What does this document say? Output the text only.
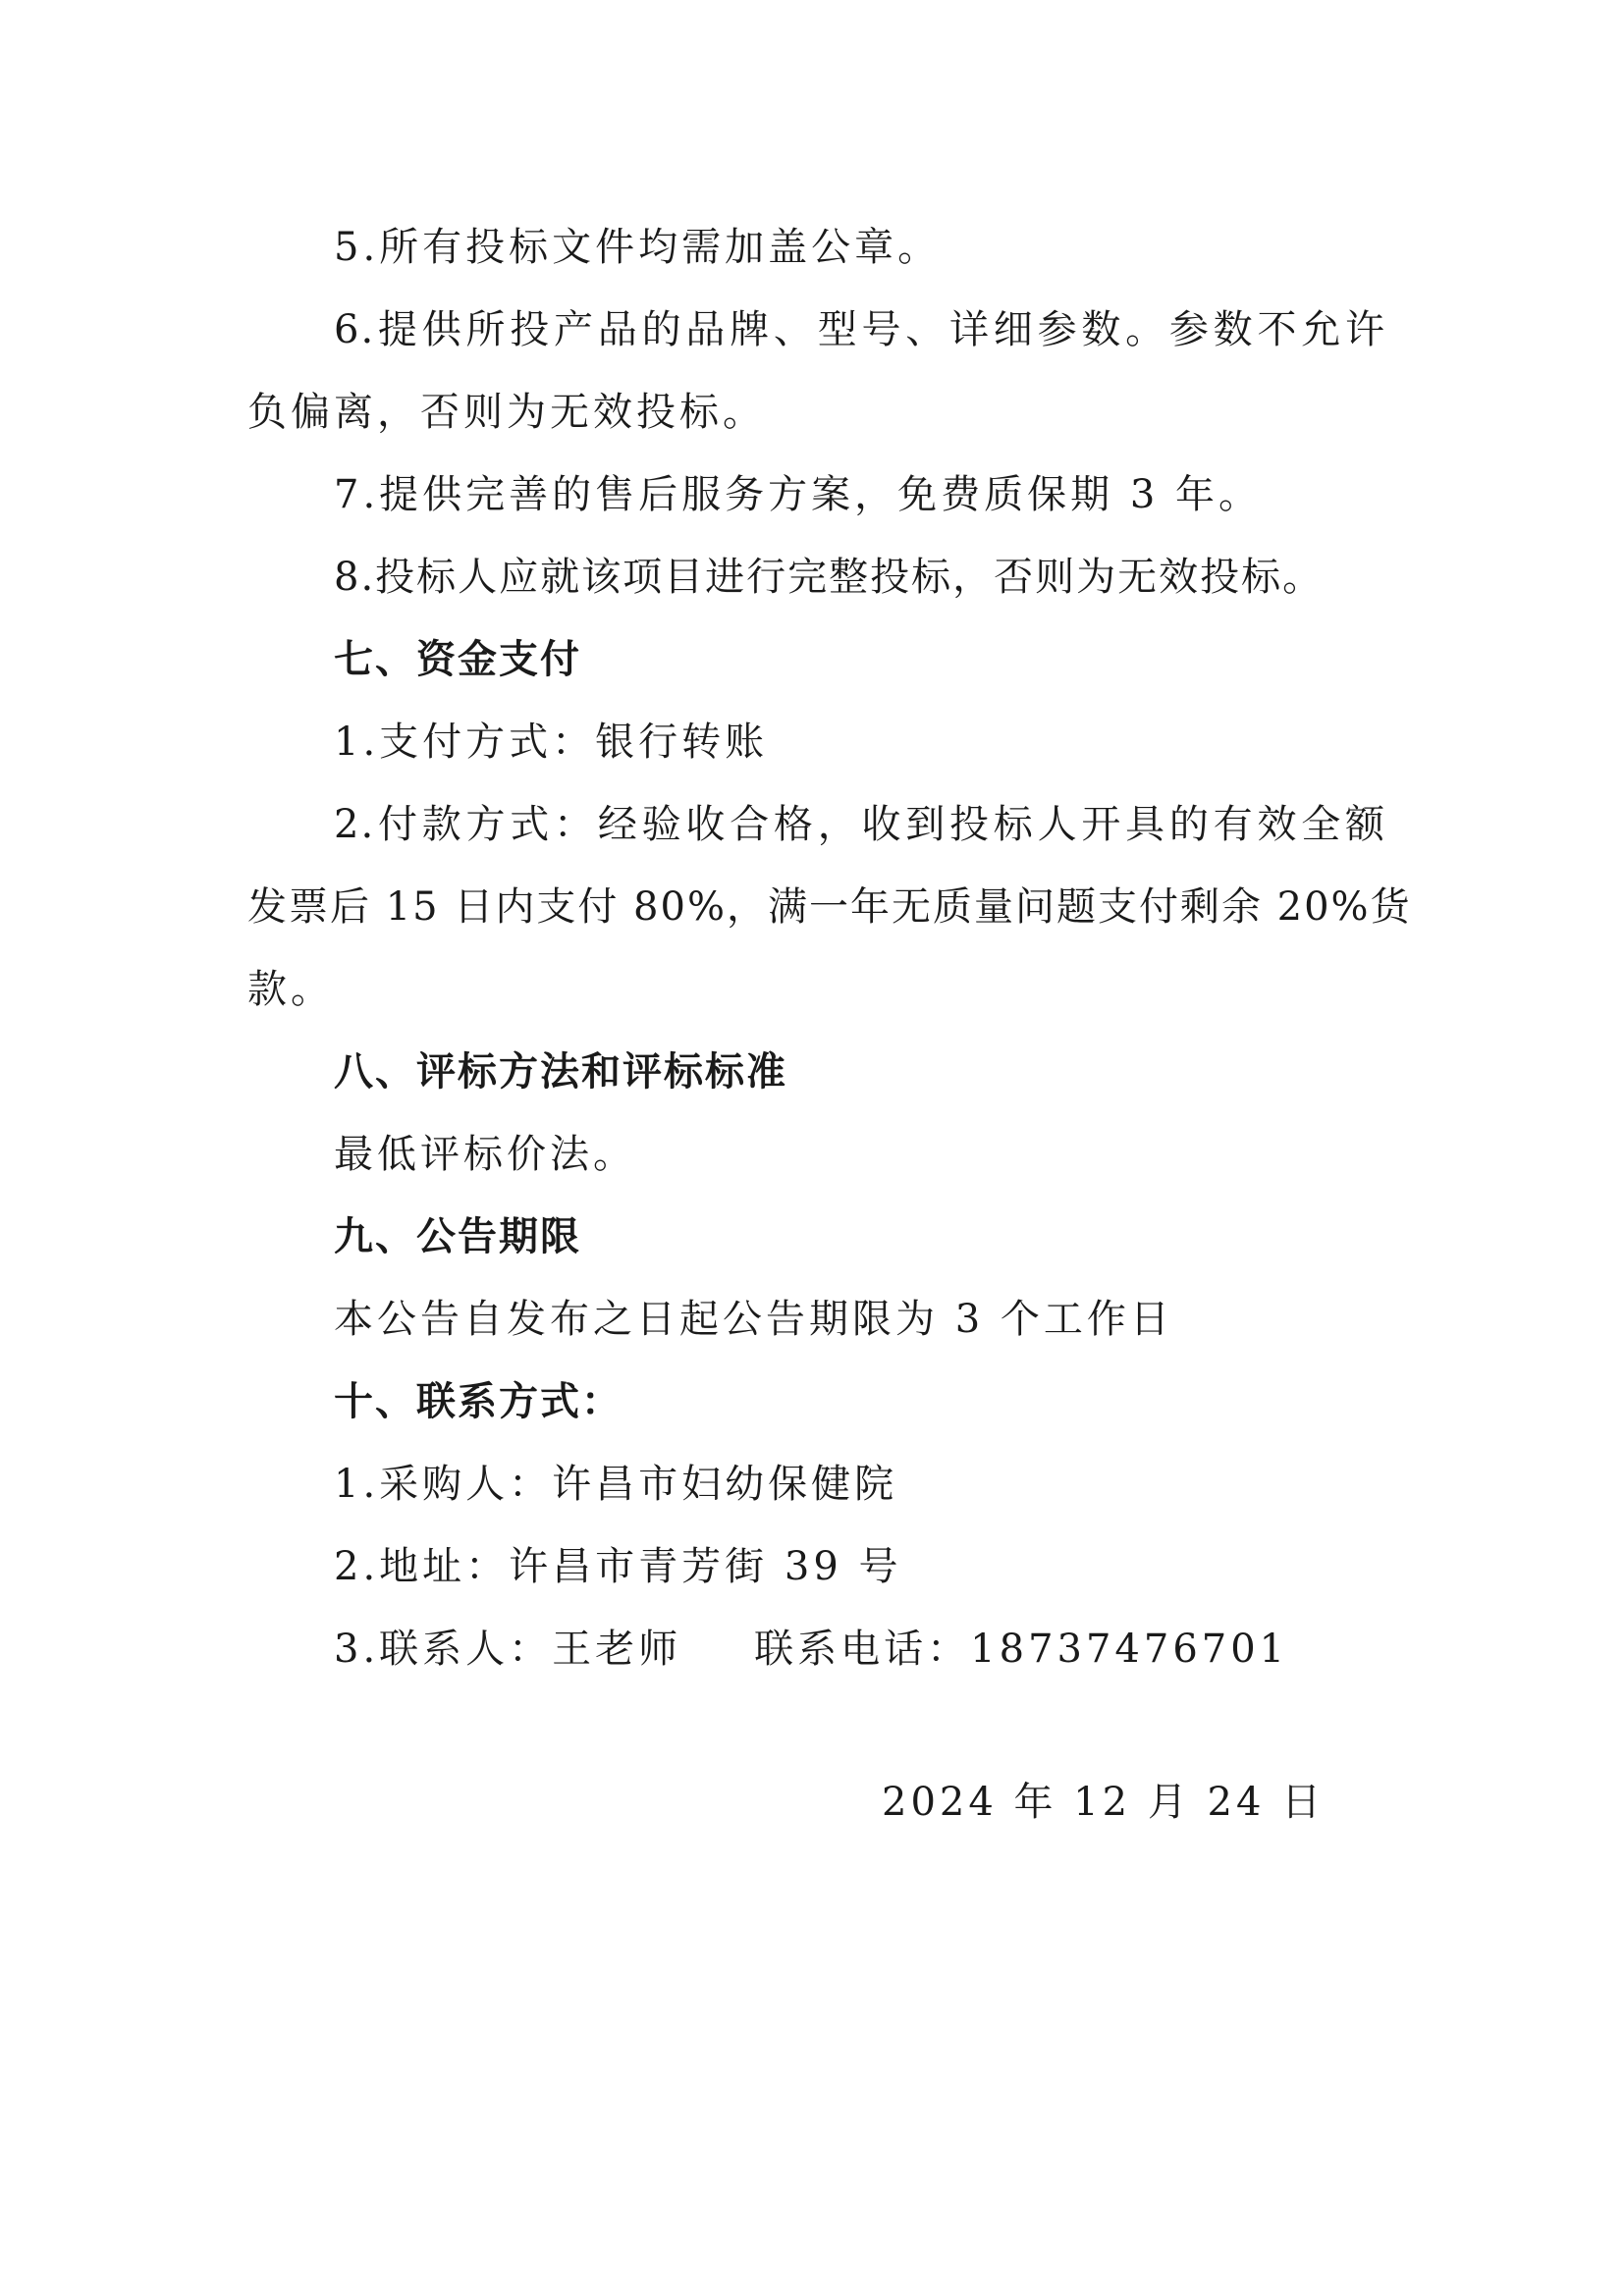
5.所有投标文件均需加盖公章。
6.提供所投产品的品牌、型号、详细参数。参数不允许
负偏离，否则为无效投标。
7.提供完善的售后服务方案，免费质保期 3 年。
8.投标人应就该项目进行完整投标，否则为无效投标。
七、资金支付
1.支付方式：银行转账
2.付款方式：经验收合格，收到投标人开具的有效全额
发票后 15 日内支付 80%，满一年无质量问题支付剩余 20%货
款。
八、评标方法和评标标准
最低评标价法。
九、公告期限
本公告自发布之日起公告期限为 3 个工作日
十、联系方式：
1.采购人：许昌市妇幼保健院
2.地址：许昌市青芳街 39 号
3.联系人：王老师 联系电话：18737476701
2024 年 12 月 24 日
